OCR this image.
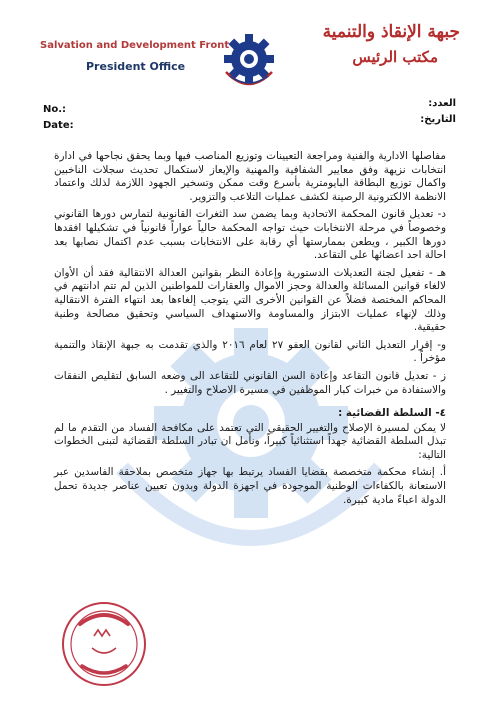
Salvation and Development Front
President Office
جبهة الإنقاذ والتنمية
مكتب الرئيس
No.:
Date:
العدد:
التاريخ:

مفاصلها الادارية والفنية ومراجعة التعيينات وتوزيع المناصب فيها وبما يحقق نجاحها في ادارة انتخابات نزيهة وفق معايير الشفافية والمهنية والإيعاز لاستكمال تحديث سجلات الناخبين واكمال توزيع البطاقة البايومترية بأسرع وقت ممكن وتسخير الجهود اللازمة لذلك واعتماد الانظمة الالكترونية الرصينة لكشف عمليات التلاعب والتزوير.

د- تعديل قانون المحكمة الاتحادية وبما يضمن سد الثغرات القانونية لتمارس دورها القانوني وخصوصاً في مرحلة الانتخابات حيث تواجه المحكمة حالياً عواراً قانونياً في تشكيلها افقدها دورها الكبير ، ويطعن بممارستها أي رقابة على الانتخابات بسبب عدم اكتمال نصابها بعد احالة احد اعضائها على التقاعد.

هـ - تفعيل لجنة التعديلات الدستورية وإعادة النظر بقوانين العدالة الانتقالية فقد أن الأوان لالغاء قوانين المسائلة والعدالة وحجز الاموال والعقارات للمواطنين الذين لم تتم ادانتهم في المحاكم المختصة فضلاً عن القوانين الأخرى التي يتوجب إلغاءها بعد انتهاء الفترة الانتقالية وذلك لإنهاء عمليات الابتزاز والمساومة والاستهداف السياسي وتحقيق مصالحة وطنية حقيقية.

و- إقرار التعديل الثاني لقانون العفو ٢٧ لعام ٢٠١٦ والذي تقدمت به جبهة الإنقاذ والتنمية مؤخراً .

ز - تعديل قانون التقاعد وإعادة السن القانوني للتقاعد الى وضعه السابق لتقليص النفقات والاستفادة من خبرات كبار الموظفين في مسيرة الاصلاح والتغيير .

٤- السلطة القضائية :

لا يمكن لمسيرة الإصلاح والتغيير الحقيقي التي تعتمد على مكافحة الفساد من التقدم ما لم تبذل السلطة القضائية جهداً استثنائياً كبيراً، ونأمل ان تبادر السلطة القضائية لتبنى الخطوات التالية:

أ. إنشاء محكمة متخصصة بقضايا الفساد يرتبط بها جهاز متخصص بملاحقة الفاسدين عبر الاستعانة بالكفاءات الوطنية الموجودة في اجهزة الدولة وبدون تعيين عناصر جديدة تحمل الدولة اعباءً مادية كبيرة.
